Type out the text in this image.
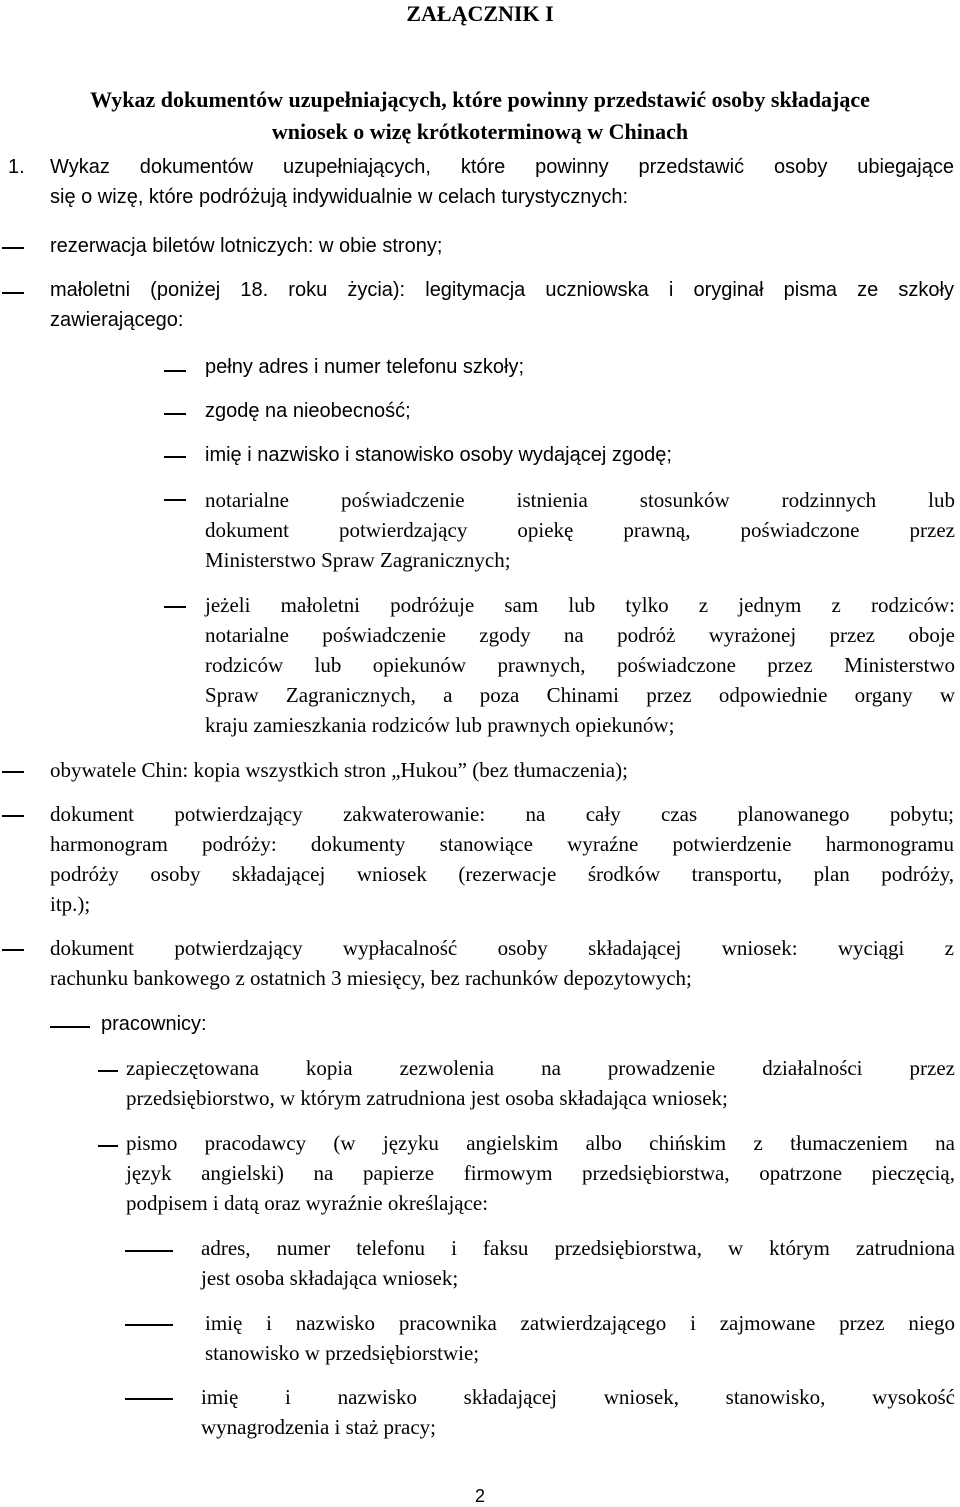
ZAŁĄCZNIK I
Wykaz dokumentów uzupełniających, które powinny przedstawić osoby składające
wniosek o wizę krótkoterminową w Chinach
1. Wykaz dokumentów uzupełniających, które powinny przedstawić osoby ubiegające
się o wizę, które podróżują indywidualnie w celach turystycznych:
rezerwacja biletów lotniczych: w obie strony;
małoletni (poniżej 18. roku życia): legitymacja uczniowska i oryginał pisma ze szkoły
zawierającego:
pełny adres i numer telefonu szkoły;
zgodę na nieobecność;
imię i nazwisko i stanowisko osoby wydającej zgodę;
notarialne poświadczenie istnienia stosunków rodzinnych lub
dokument potwierdzający opiekę prawną, poświadczone przez
Ministerstwo Spraw Zagranicznych;
jeżeli małoletni podróżuje sam lub tylko z jednym z rodziców:
notarialne poświadczenie zgody na podróż wyrażonej przez oboje
rodziców lub opiekunów prawnych, poświadczone przez Ministerstwo
Spraw Zagranicznych, a poza Chinami przez odpowiednie organy w
kraju zamieszkania rodziców lub prawnych opiekunów;
obywatele Chin: kopia wszystkich stron „Hukou” (bez tłumaczenia);
dokument potwierdzający zakwaterowanie: na cały czas planowanego pobytu;
harmonogram podróży: dokumenty stanowiące wyraźne potwierdzenie harmonogramu
podróży osoby składającej wniosek (rezerwacje środków transportu, plan podróży,
itp.);
dokument potwierdzający wypłacalność osoby składającej wniosek: wyciągi z
rachunku bankowego z ostatnich 3 miesięcy, bez rachunków depozytowych;
pracownicy:
zapieczętowana kopia zezwolenia na prowadzenie działalności przez
przedsiębiorstwo, w którym zatrudniona jest osoba składająca wniosek;
pismo pracodawcy (w języku angielskim albo chińskim z tłumaczeniem na
język angielski) na papierze firmowym przedsiębiorstwa, opatrzone pieczęcią,
podpisem i datą oraz wyraźnie określające:
adres, numer telefonu i faksu przedsiębiorstwa, w którym zatrudniona
jest osoba składająca wniosek;
imię i nazwisko pracownika zatwierdzającego i zajmowane przez niego
stanowisko w przedsiębiorstwie;
imię i nazwisko składającej wniosek, stanowisko, wysokość
wynagrodzenia i staż pracy;
2
